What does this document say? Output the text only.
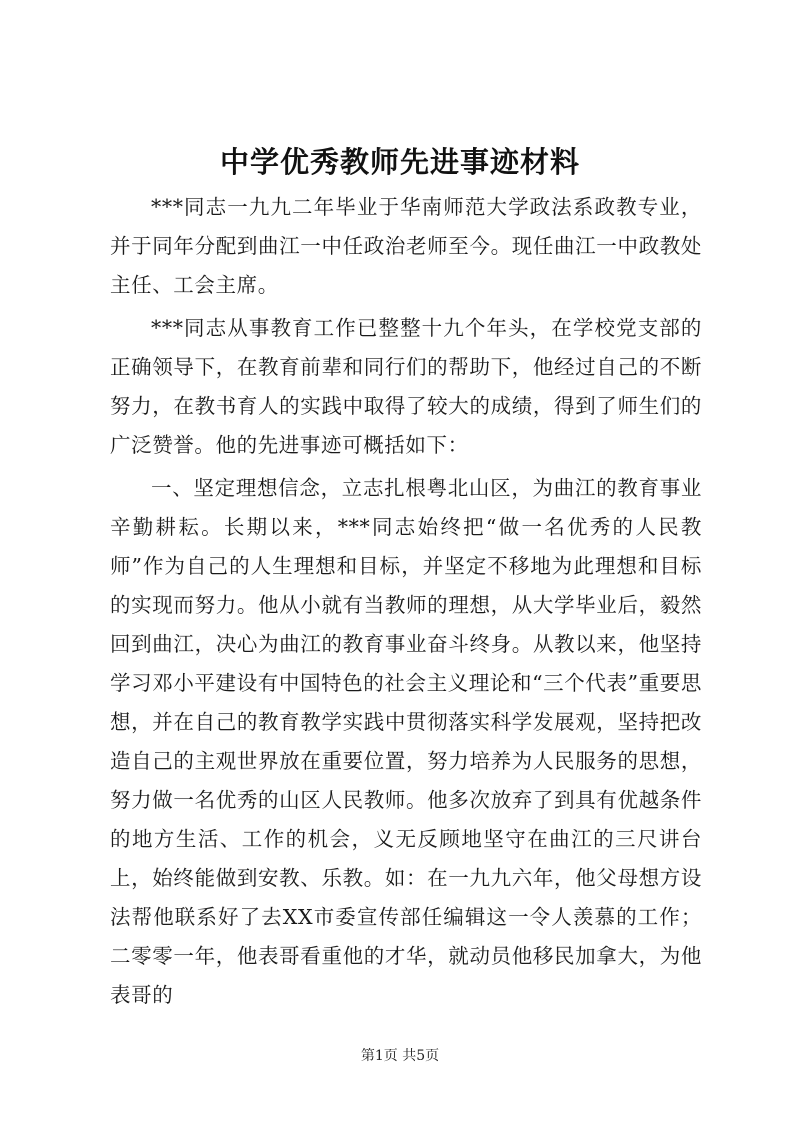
中学优秀教师先进事迹材料

***同志一九九二年毕业于华南师范大学政法系政教专业，并于同年分配到曲江一中任政治老师至今。现任曲江一中政教处主任、工会主席。

***同志从事教育工作已整整十九个年头，在学校党支部的正确领导下，在教育前辈和同行们的帮助下，他经过自己的不断努力，在教书育人的实践中取得了较大的成绩，得到了师生们的广泛赞誉。他的先进事迹可概括如下：

一、坚定理想信念，立志扎根粤北山区，为曲江的教育事业辛勤耕耘。长期以来，***同志始终把“做一名优秀的人民教师”作为自己的人生理想和目标，并坚定不移地为此理想和目标的实现而努力。他从小就有当教师的理想，从大学毕业后，毅然回到曲江，决心为曲江的教育事业奋斗终身。从教以来，他坚持学习邓小平建设有中国特色的社会主义理论和“三个代表”重要思想，并在自己的教育教学实践中贯彻落实科学发展观，坚持把改造自己的主观世界放在重要位置，努力培养为人民服务的思想，努力做一名优秀的山区人民教师。他多次放弃了到具有优越条件的地方生活、工作的机会，义无反顾地坚守在曲江的三尺讲台上，始终能做到安教、乐教。如：在一九九六年，他父母想方设法帮他联系好了去XX市委宣传部任编辑这一令人羡慕的工作；二零零一年，他表哥看重他的才华，就动员他移民加拿大，为他表哥的

第1页 共5页
